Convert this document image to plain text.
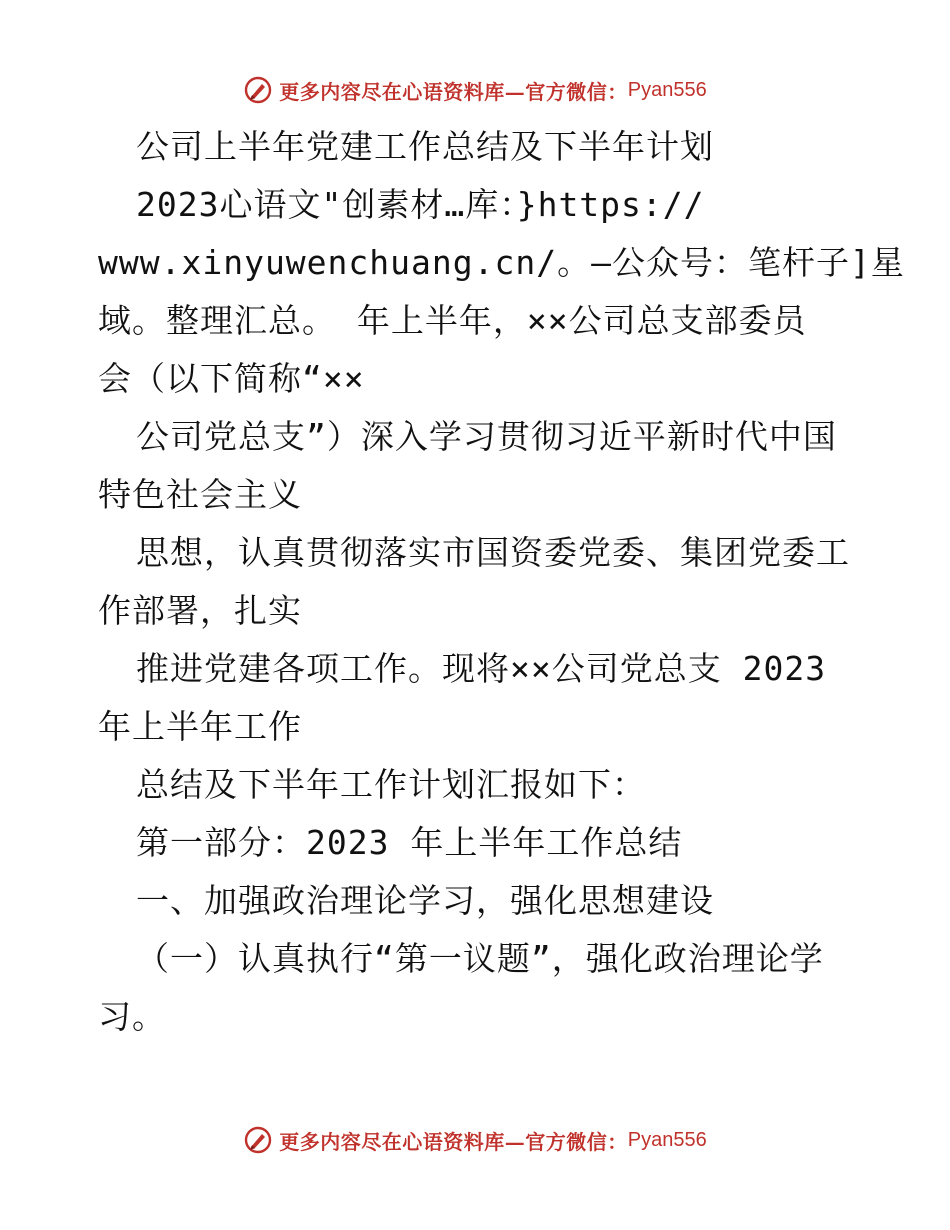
更多内容尽在心语资料库—官方微信： Pyan556
公司上半年党建工作总结及下半年计划
2023心语文"创素材…库：}https://
www.xinyuwenchuang.cn/。—公众号：笔杆子]星
域。整理汇总。 年上半年，××公司总支部委员
会（以下简称“××
公司党总支”）深入学习贯彻习近平新时代中国
特色社会主义
思想，认真贯彻落实市国资委党委、集团党委工
作部署，扎实
推进党建各项工作。现将××公司党总支 2023
年上半年工作
总结及下半年工作计划汇报如下：
第一部分：2023 年上半年工作总结
一、加强政治理论学习，强化思想建设
（一）认真执行“第一议题”，强化政治理论学
习。
更多内容尽在心语资料库—官方微信： Pyan556
